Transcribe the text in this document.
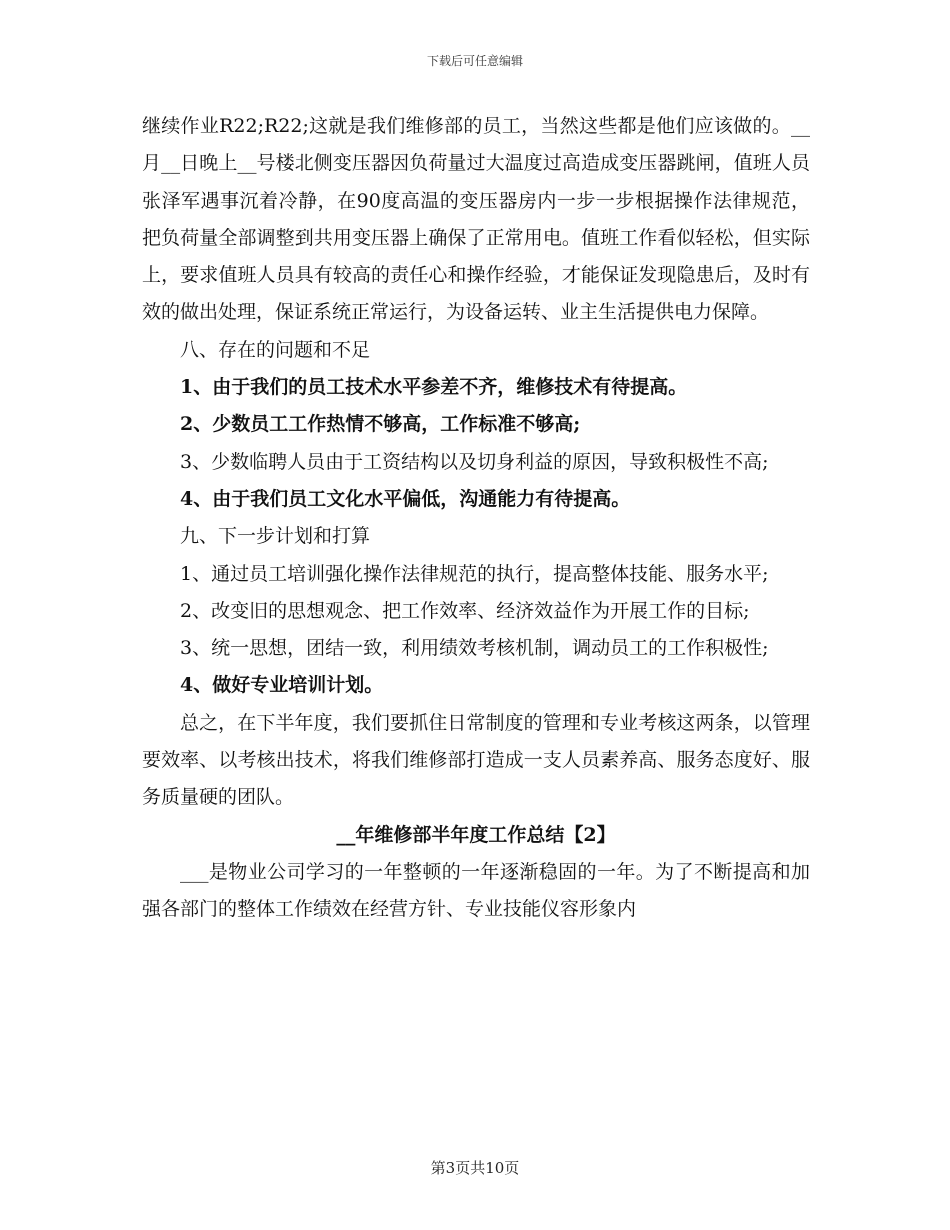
下载后可任意编辑

继续作业R22;R22;这就是我们维修部的员工，当然这些都是他们应该做的。__月__日晚上__号楼北侧变压器因负荷量过大温度过高造成变压器跳闸，值班人员张泽军遇事沉着冷静，在90度高温的变压器房内一步一步根据操作法律规范，把负荷量全部调整到共用变压器上确保了正常用电。值班工作看似轻松，但实际上，要求值班人员具有较高的责任心和操作经验，才能保证发现隐患后，及时有效的做出处理，保证系统正常运行，为设备运转、业主生活提供电力保障。

八、存在的问题和不足

1、由于我们的员工技术水平参差不齐，维修技术有待提高。

2、少数员工工作热情不够高，工作标准不够高;

3、少数临聘人员由于工资结构以及切身利益的原因，导致积极性不高;

4、由于我们员工文化水平偏低，沟通能力有待提高。

九、下一步计划和打算

1、通过员工培训强化操作法律规范的执行，提高整体技能、服务水平;

2、改变旧的思想观念、把工作效率、经济效益作为开展工作的目标;

3、统一思想，团结一致，利用绩效考核机制，调动员工的工作积极性;

4、做好专业培训计划。

总之，在下半年度，我们要抓住日常制度的管理和专业考核这两条，以管理要效率、以考核出技术，将我们维修部打造成一支人员素养高、服务态度好、服务质量硬的团队。

__年维修部半年度工作总结【2】

___是物业公司学习的一年整顿的一年逐渐稳固的一年。为了不断提高和加强各部门的整体工作绩效在经营方针、专业技能仪容形象内

第3页共10页
